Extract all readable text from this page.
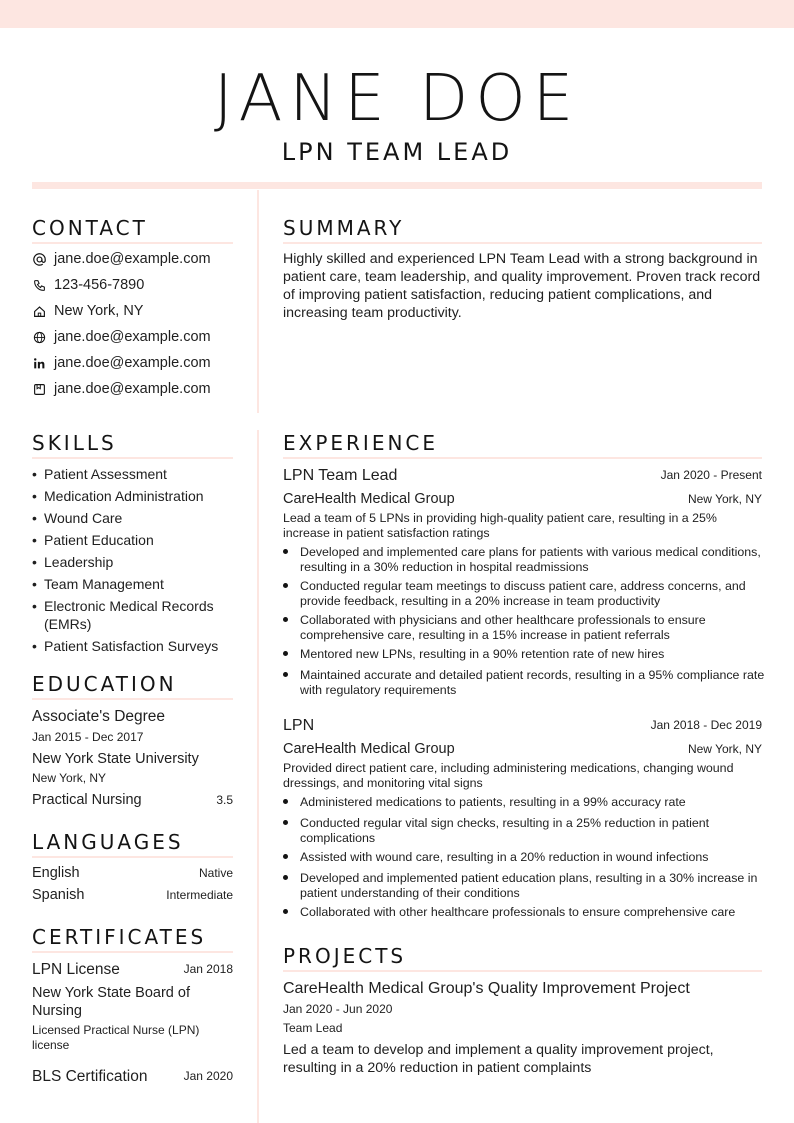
JANE DOE
LPN TEAM LEAD
CONTACT
jane.doe@example.com
123-456-7890
New York, NY
jane.doe@example.com
jane.doe@example.com
jane.doe@example.com
SUMMARY
Highly skilled and experienced LPN Team Lead with a strong background in patient care, team leadership, and quality improvement. Proven track record of improving patient satisfaction, reducing patient complications, and increasing team productivity.
SKILLS
• Patient Assessment
• Medication Administration
• Wound Care
• Patient Education
• Leadership
• Team Management
• Electronic Medical Records (EMRs)
• Patient Satisfaction Surveys
EDUCATION
Associate's Degree
Jan 2015 - Dec 2017
New York State University
New York, NY
Practical Nursing	3.5
LANGUAGES
English	Native
Spanish	Intermediate
CERTIFICATES
LPN License	Jan 2018
New York State Board of Nursing
Licensed Practical Nurse (LPN) license
BLS Certification	Jan 2020
EXPERIENCE
LPN Team Lead	Jan 2020 - Present
CareHealth Medical Group	New York, NY
Lead a team of 5 LPNs in providing high-quality patient care, resulting in a 25% increase in patient satisfaction ratings
Developed and implemented care plans for patients with various medical conditions, resulting in a 30% reduction in hospital readmissions
Conducted regular team meetings to discuss patient care, address concerns, and provide feedback, resulting in a 20% increase in team productivity
Collaborated with physicians and other healthcare professionals to ensure comprehensive care, resulting in a 15% increase in patient referrals
Mentored new LPNs, resulting in a 90% retention rate of new hires
Maintained accurate and detailed patient records, resulting in a 95% compliance rate with regulatory requirements
LPN	Jan 2018 - Dec 2019
CareHealth Medical Group	New York, NY
Provided direct patient care, including administering medications, changing wound dressings, and monitoring vital signs
Administered medications to patients, resulting in a 99% accuracy rate
Conducted regular vital sign checks, resulting in a 25% reduction in patient complications
Assisted with wound care, resulting in a 20% reduction in wound infections
Developed and implemented patient education plans, resulting in a 30% increase in patient understanding of their conditions
Collaborated with other healthcare professionals to ensure comprehensive care
PROJECTS
CareHealth Medical Group's Quality Improvement Project
Jan 2020 - Jun 2020
Team Lead
Led a team to develop and implement a quality improvement project, resulting in a 20% reduction in patient complaints
